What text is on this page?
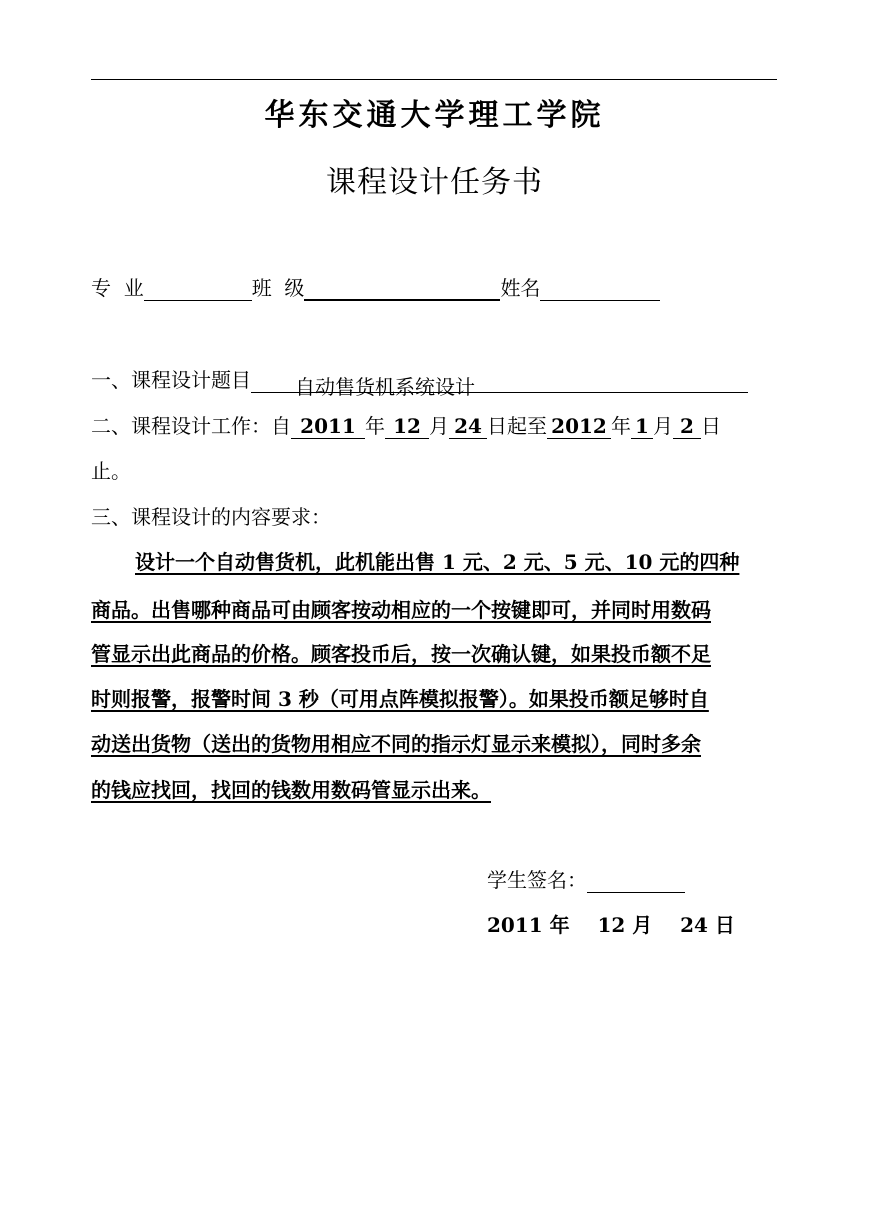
华东交通大学理工学院
课程设计任务书
专  业	班  级	姓名
一、课程设计题目 自动售货机系统设计
二、课程设计工作：自 2011 年 12 月 24 日起至 2012 年 1 月 2 日
止。
三、课程设计的内容要求：
设计一个自动售货机，此机能出售 1 元、2 元、5 元、10 元的四种
商品。出售哪种商品可由顾客按动相应的一个按键即可，并同时用数码
管显示出此商品的价格。顾客投币后，按一次确认键，如果投币额不足
时则报警，报警时间 3 秒（可用点阵模拟报警）。如果投币额足够时自
动送出货物（送出的货物用相应不同的指示灯显示来模拟），同时多余
的钱应找回，找回的钱数用数码管显示出来。
学生签名：
2011 年    12 月    24 日
